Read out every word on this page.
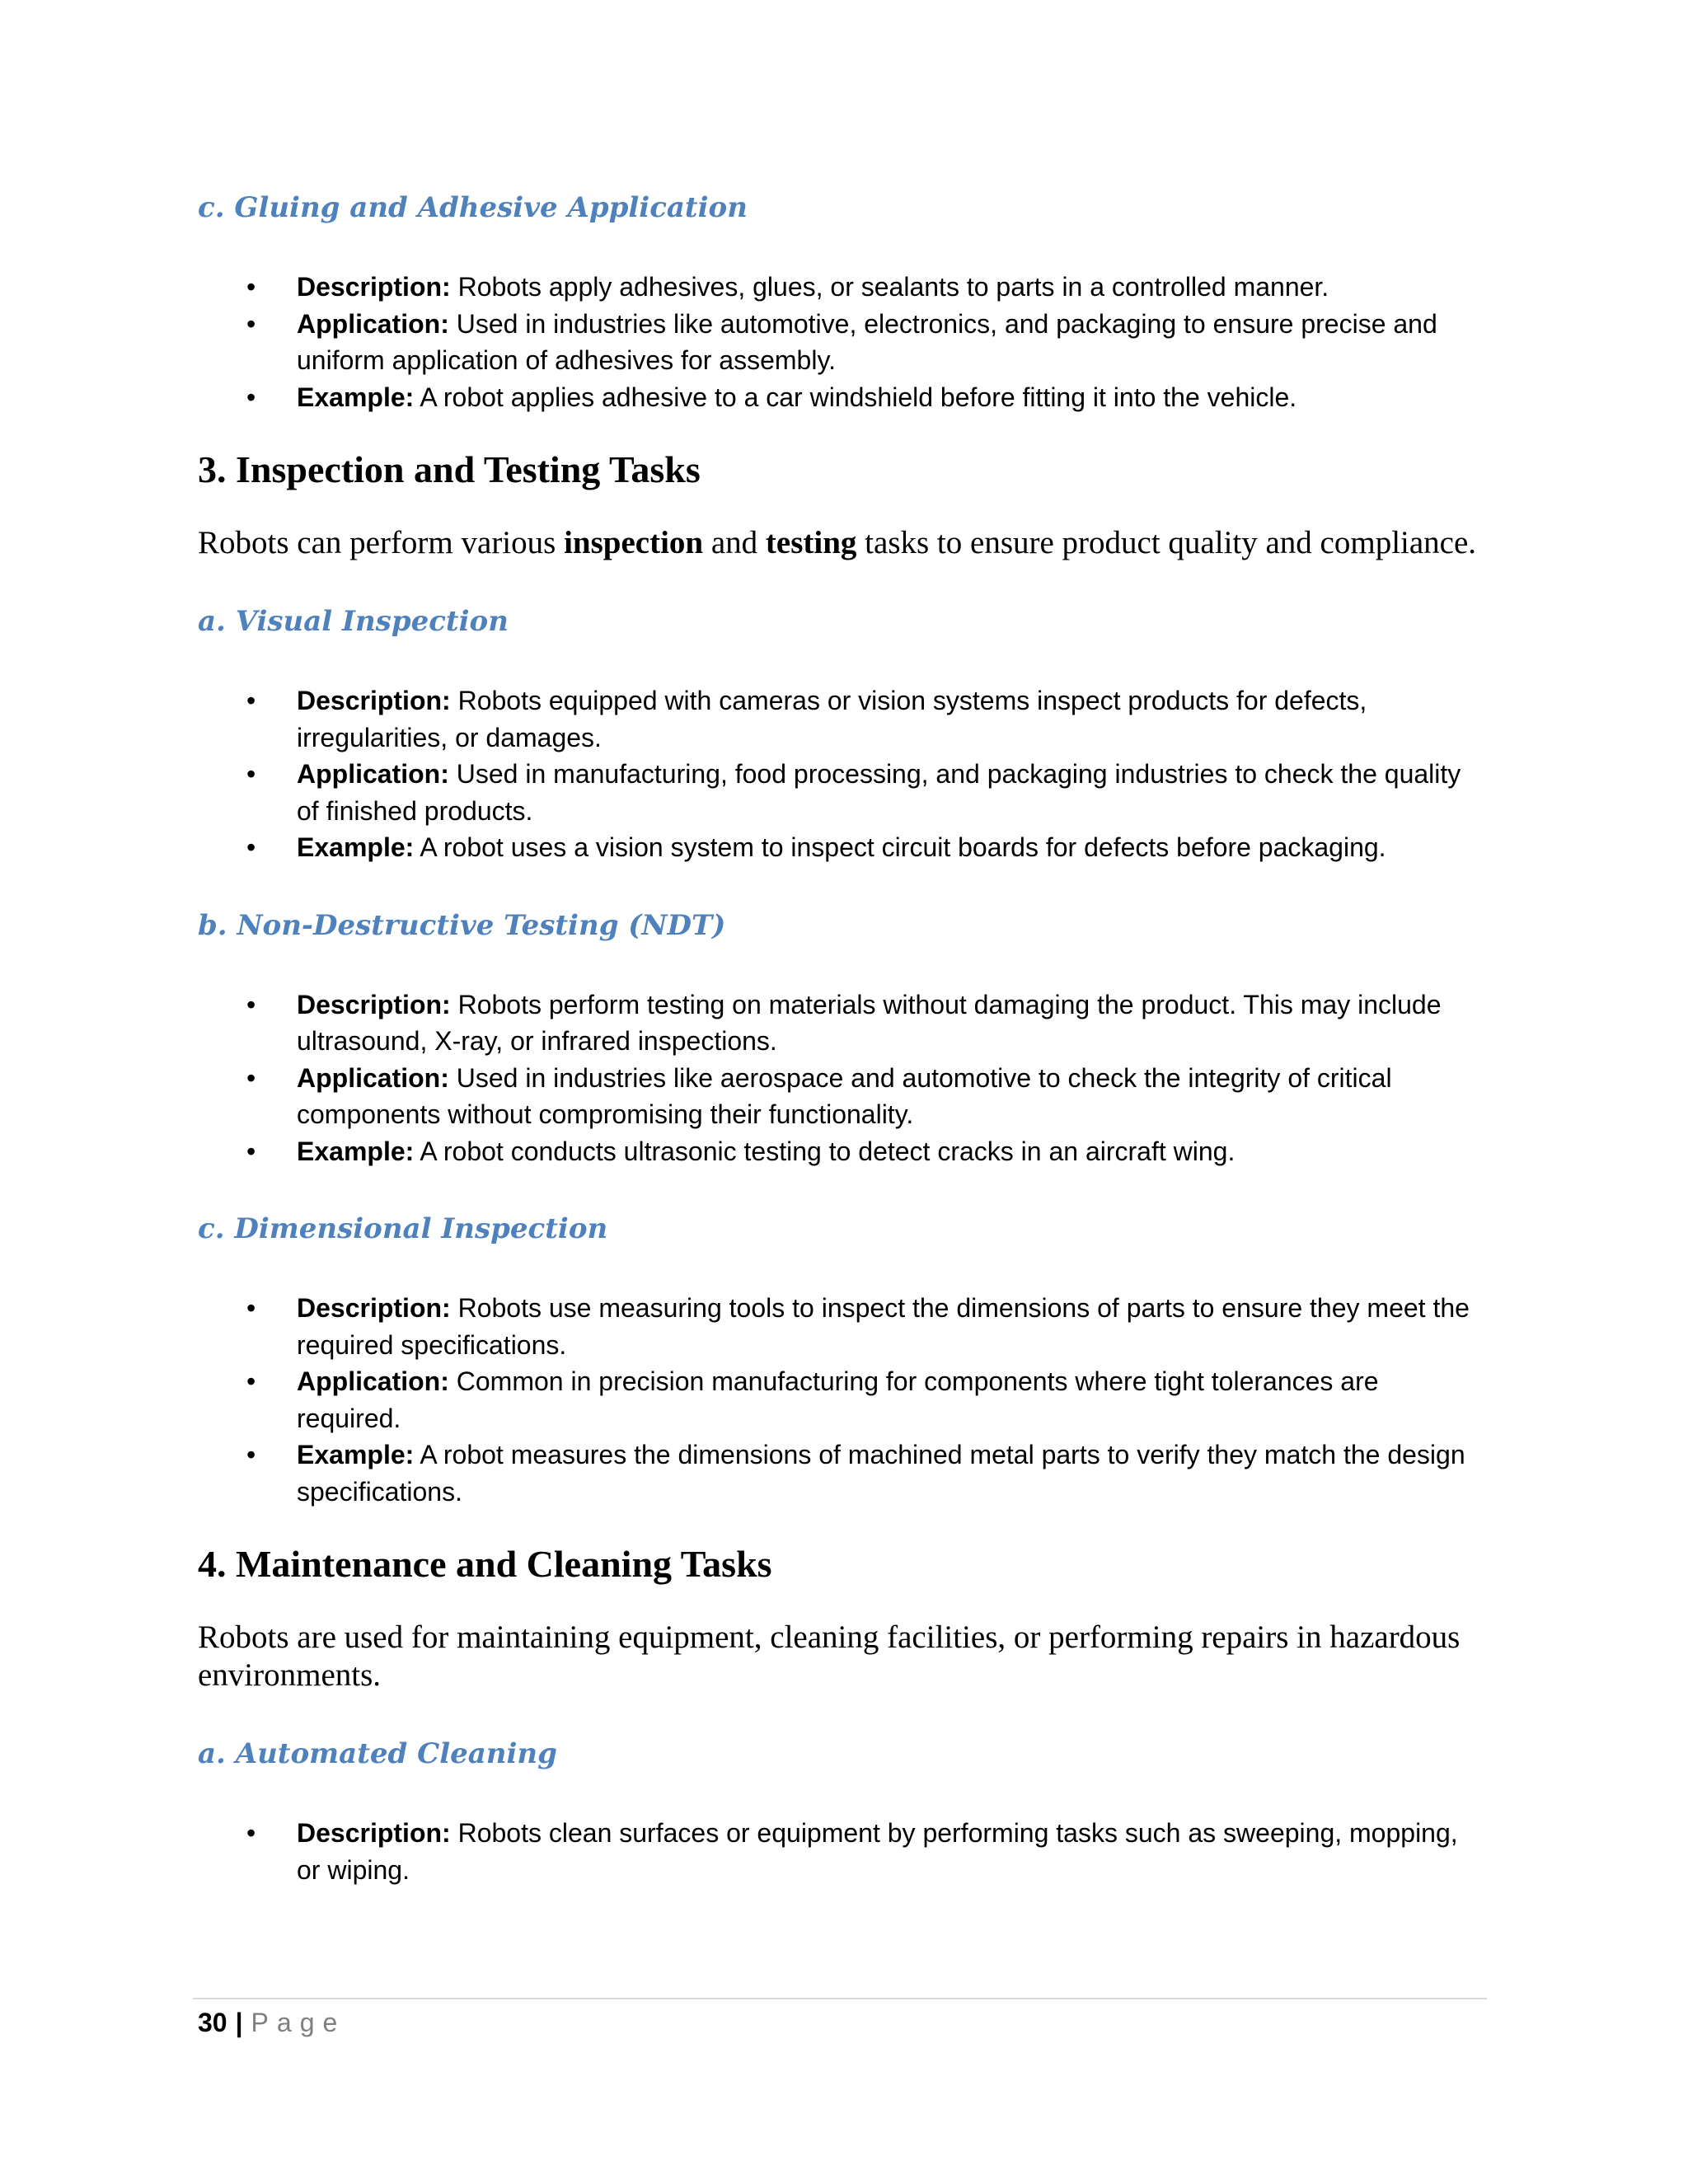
c. Gluing and Adhesive Application
• Description: Robots apply adhesives, glues, or sealants to parts in a controlled manner.
• Application: Used in industries like automotive, electronics, and packaging to ensure precise and uniform application of adhesives for assembly.
• Example: A robot applies adhesive to a car windshield before fitting it into the vehicle.
3. Inspection and Testing Tasks

Robots can perform various inspection and testing tasks to ensure product quality and compliance.

a. Visual Inspection
• Description: Robots equipped with cameras or vision systems inspect products for defects, irregularities, or damages.
• Application: Used in manufacturing, food processing, and packaging industries to check the quality of finished products.
• Example: A robot uses a vision system to inspect circuit boards for defects before packaging.
b. Non-Destructive Testing (NDT)
• Description: Robots perform testing on materials without damaging the product. This may include ultrasound, X-ray, or infrared inspections.
• Application: Used in industries like aerospace and automotive to check the integrity of critical components without compromising their functionality.
• Example: A robot conducts ultrasonic testing to detect cracks in an aircraft wing.
c. Dimensional Inspection
• Description: Robots use measuring tools to inspect the dimensions of parts to ensure they meet the required specifications.
• Application: Common in precision manufacturing for components where tight tolerances are required.
• Example: A robot measures the dimensions of machined metal parts to verify they match the design specifications.
4. Maintenance and Cleaning Tasks

Robots are used for maintaining equipment, cleaning facilities, or performing repairs in hazardous environments.

a. Automated Cleaning
• Description: Robots clean surfaces or equipment by performing tasks such as sweeping, mopping, or wiping.
30 | Page
